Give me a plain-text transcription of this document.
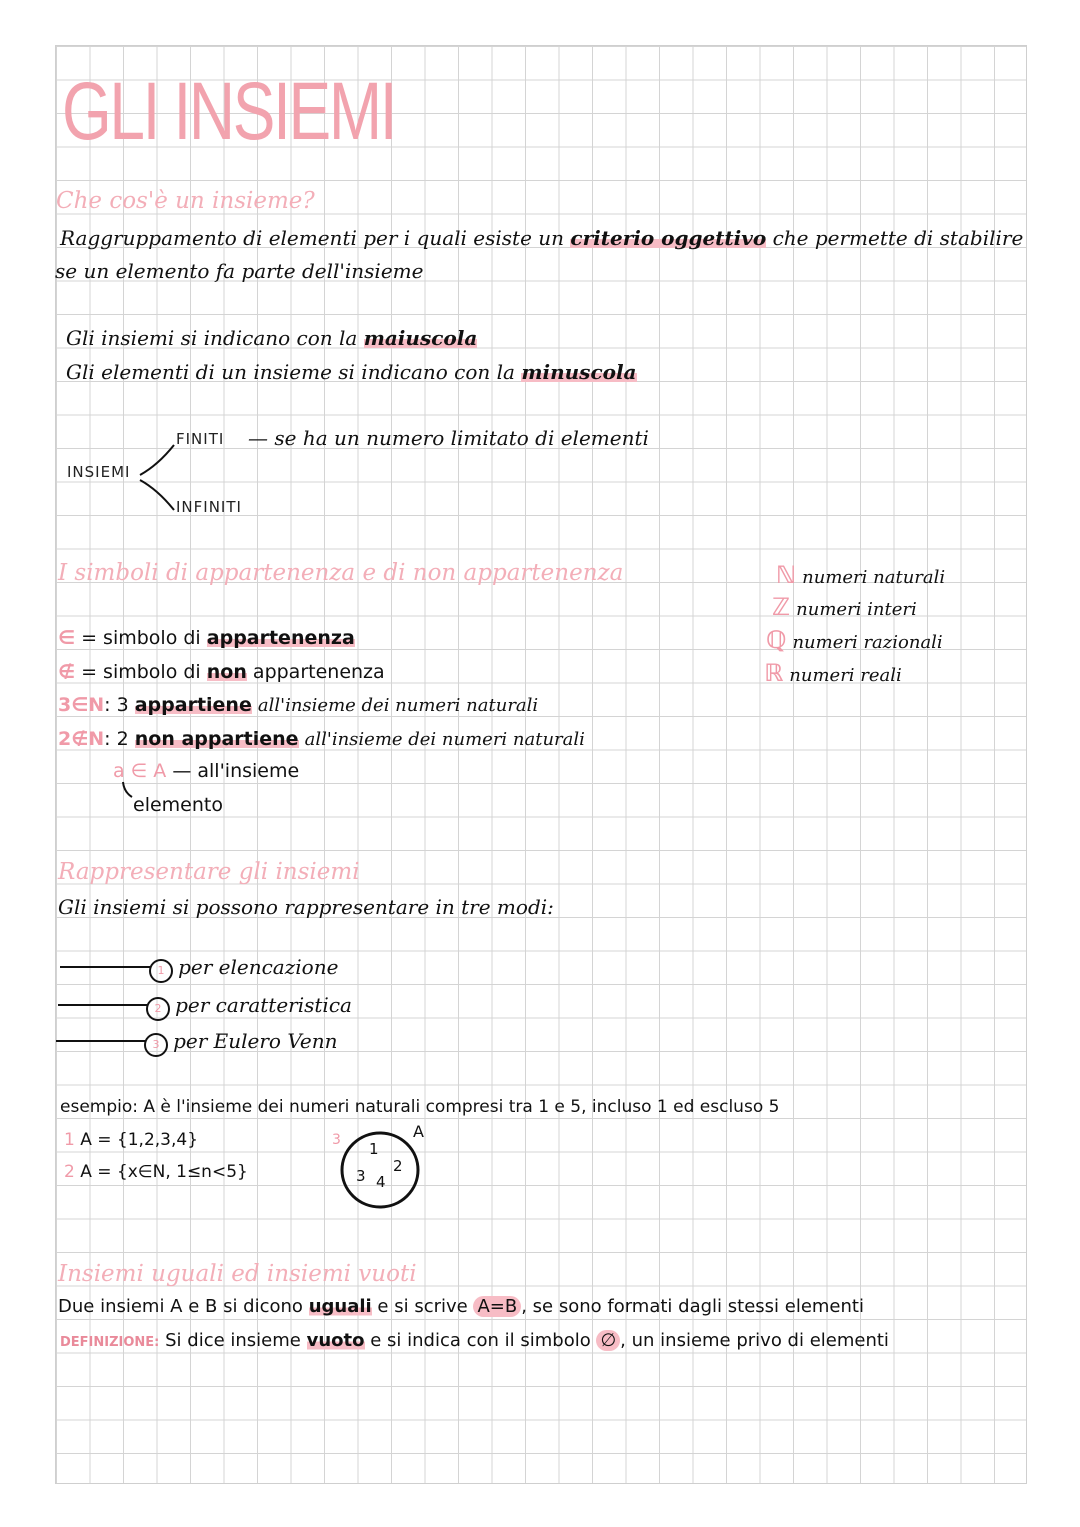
GLI INSIEMI
Che cos'è un insieme?
Raggruppamento di elementi per i quali esiste un criterio oggettivo che permette di stabilire
se un elemento fa parte dell'insieme
Gli insiemi si indicano con la maiuscola
Gli elementi di un insieme si indicano con la minuscola
INSIEMI
FINITI — se ha un numero limitato di elementi
INFINITI
I simboli di appartenenza e di non appartenenza
∈ = simbolo di appartenenza
∉ = simbolo di non appartenenza
3∈N: 3 appartiene all'insieme dei numeri naturali
2∉N: 2 non appartiene all'insieme dei numeri naturali
a ∈ A — all'insieme
elemento
ℕ numeri naturali
ℤ numeri interi
ℚ numeri razionali
ℝ numeri reali
Rappresentare gli insiemi
Gli insiemi si possono rappresentare in tre modi:
1 per elencazione
2 per caratteristica
3 per Eulero Venn
esempio: A è l'insieme dei numeri naturali compresi tra 1 e 5, incluso 1 ed escluso 5
1 A = {1,2,3,4}
2 A = {x∈N, 1≤n<5}
3	A
1
2
3 4
Insiemi uguali ed insiemi vuoti
Due insiemi A e B si dicono uguali e si scrive A=B , se sono formati dagli stessi elementi
DEFINIZIONE: Si dice insieme vuoto e si indica con il simbolo ∅ , un insieme privo di elementi
